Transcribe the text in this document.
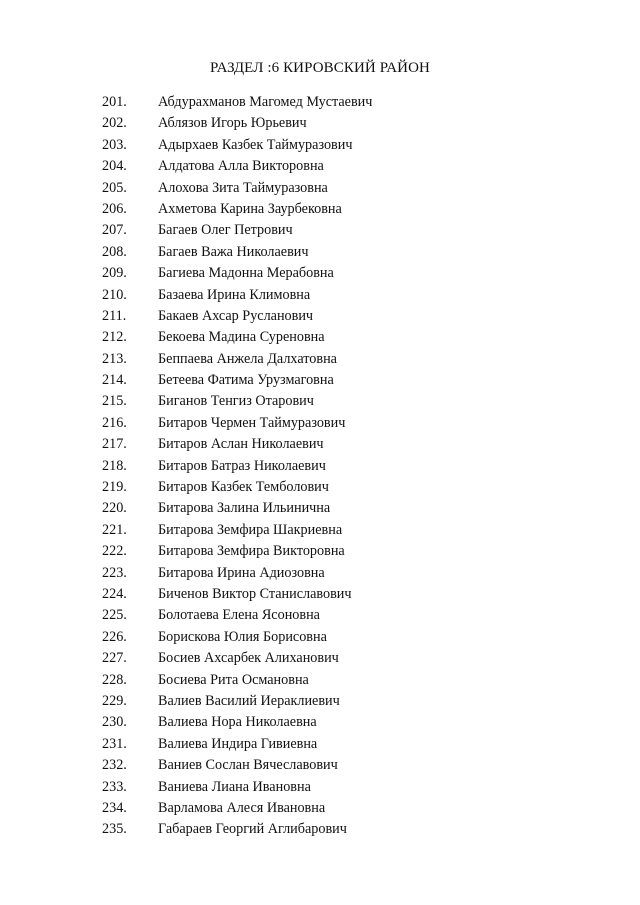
РАЗДЕЛ :6 КИРОВСКИЙ РАЙОН
201. Абдурахманов Магомед Мустаевич
202. Аблязов Игорь Юрьевич
203. Адырхаев Казбек Таймуразович
204. Алдатова Алла Викторовна
205. Алохова Зита Таймуразовна
206. Ахметова Карина Заурбековна
207. Багаев Олег Петрович
208. Багаев Важа Николаевич
209. Багиева Мадонна Мерабовна
210. Базаева Ирина Климовна
211. Бакаев Ахсар Русланович
212. Бекоева Мадина Суреновна
213. Беппаева Анжела Далхатовна
214. Бетеева Фатима Урузмаговна
215. Биганов Тенгиз Отарович
216. Битаров Чермен Таймуразович
217. Битаров Аслан Николаевич
218. Битаров Батраз Николаевич
219. Битаров Казбек Темболович
220. Битарова Залина Ильинична
221. Битарова Земфира Шакриевна
222. Битарова Земфира Викторовна
223. Битарова Ирина Адиозовна
224. Биченов Виктор Станиславович
225. Болотаева Елена Ясоновна
226. Борискова Юлия Борисовна
227. Босиев Ахсарбек Алиханович
228. Босиева Рита Османовна
229. Валиев Василий Иераклиевич
230. Валиева Нора Николаевна
231. Валиева Индира Гивиевна
232. Ваниев Сослан Вячеславович
233. Ваниева Лиана Ивановна
234. Варламова Алеся Ивановна
235. Габараев Георгий Аглибарович
